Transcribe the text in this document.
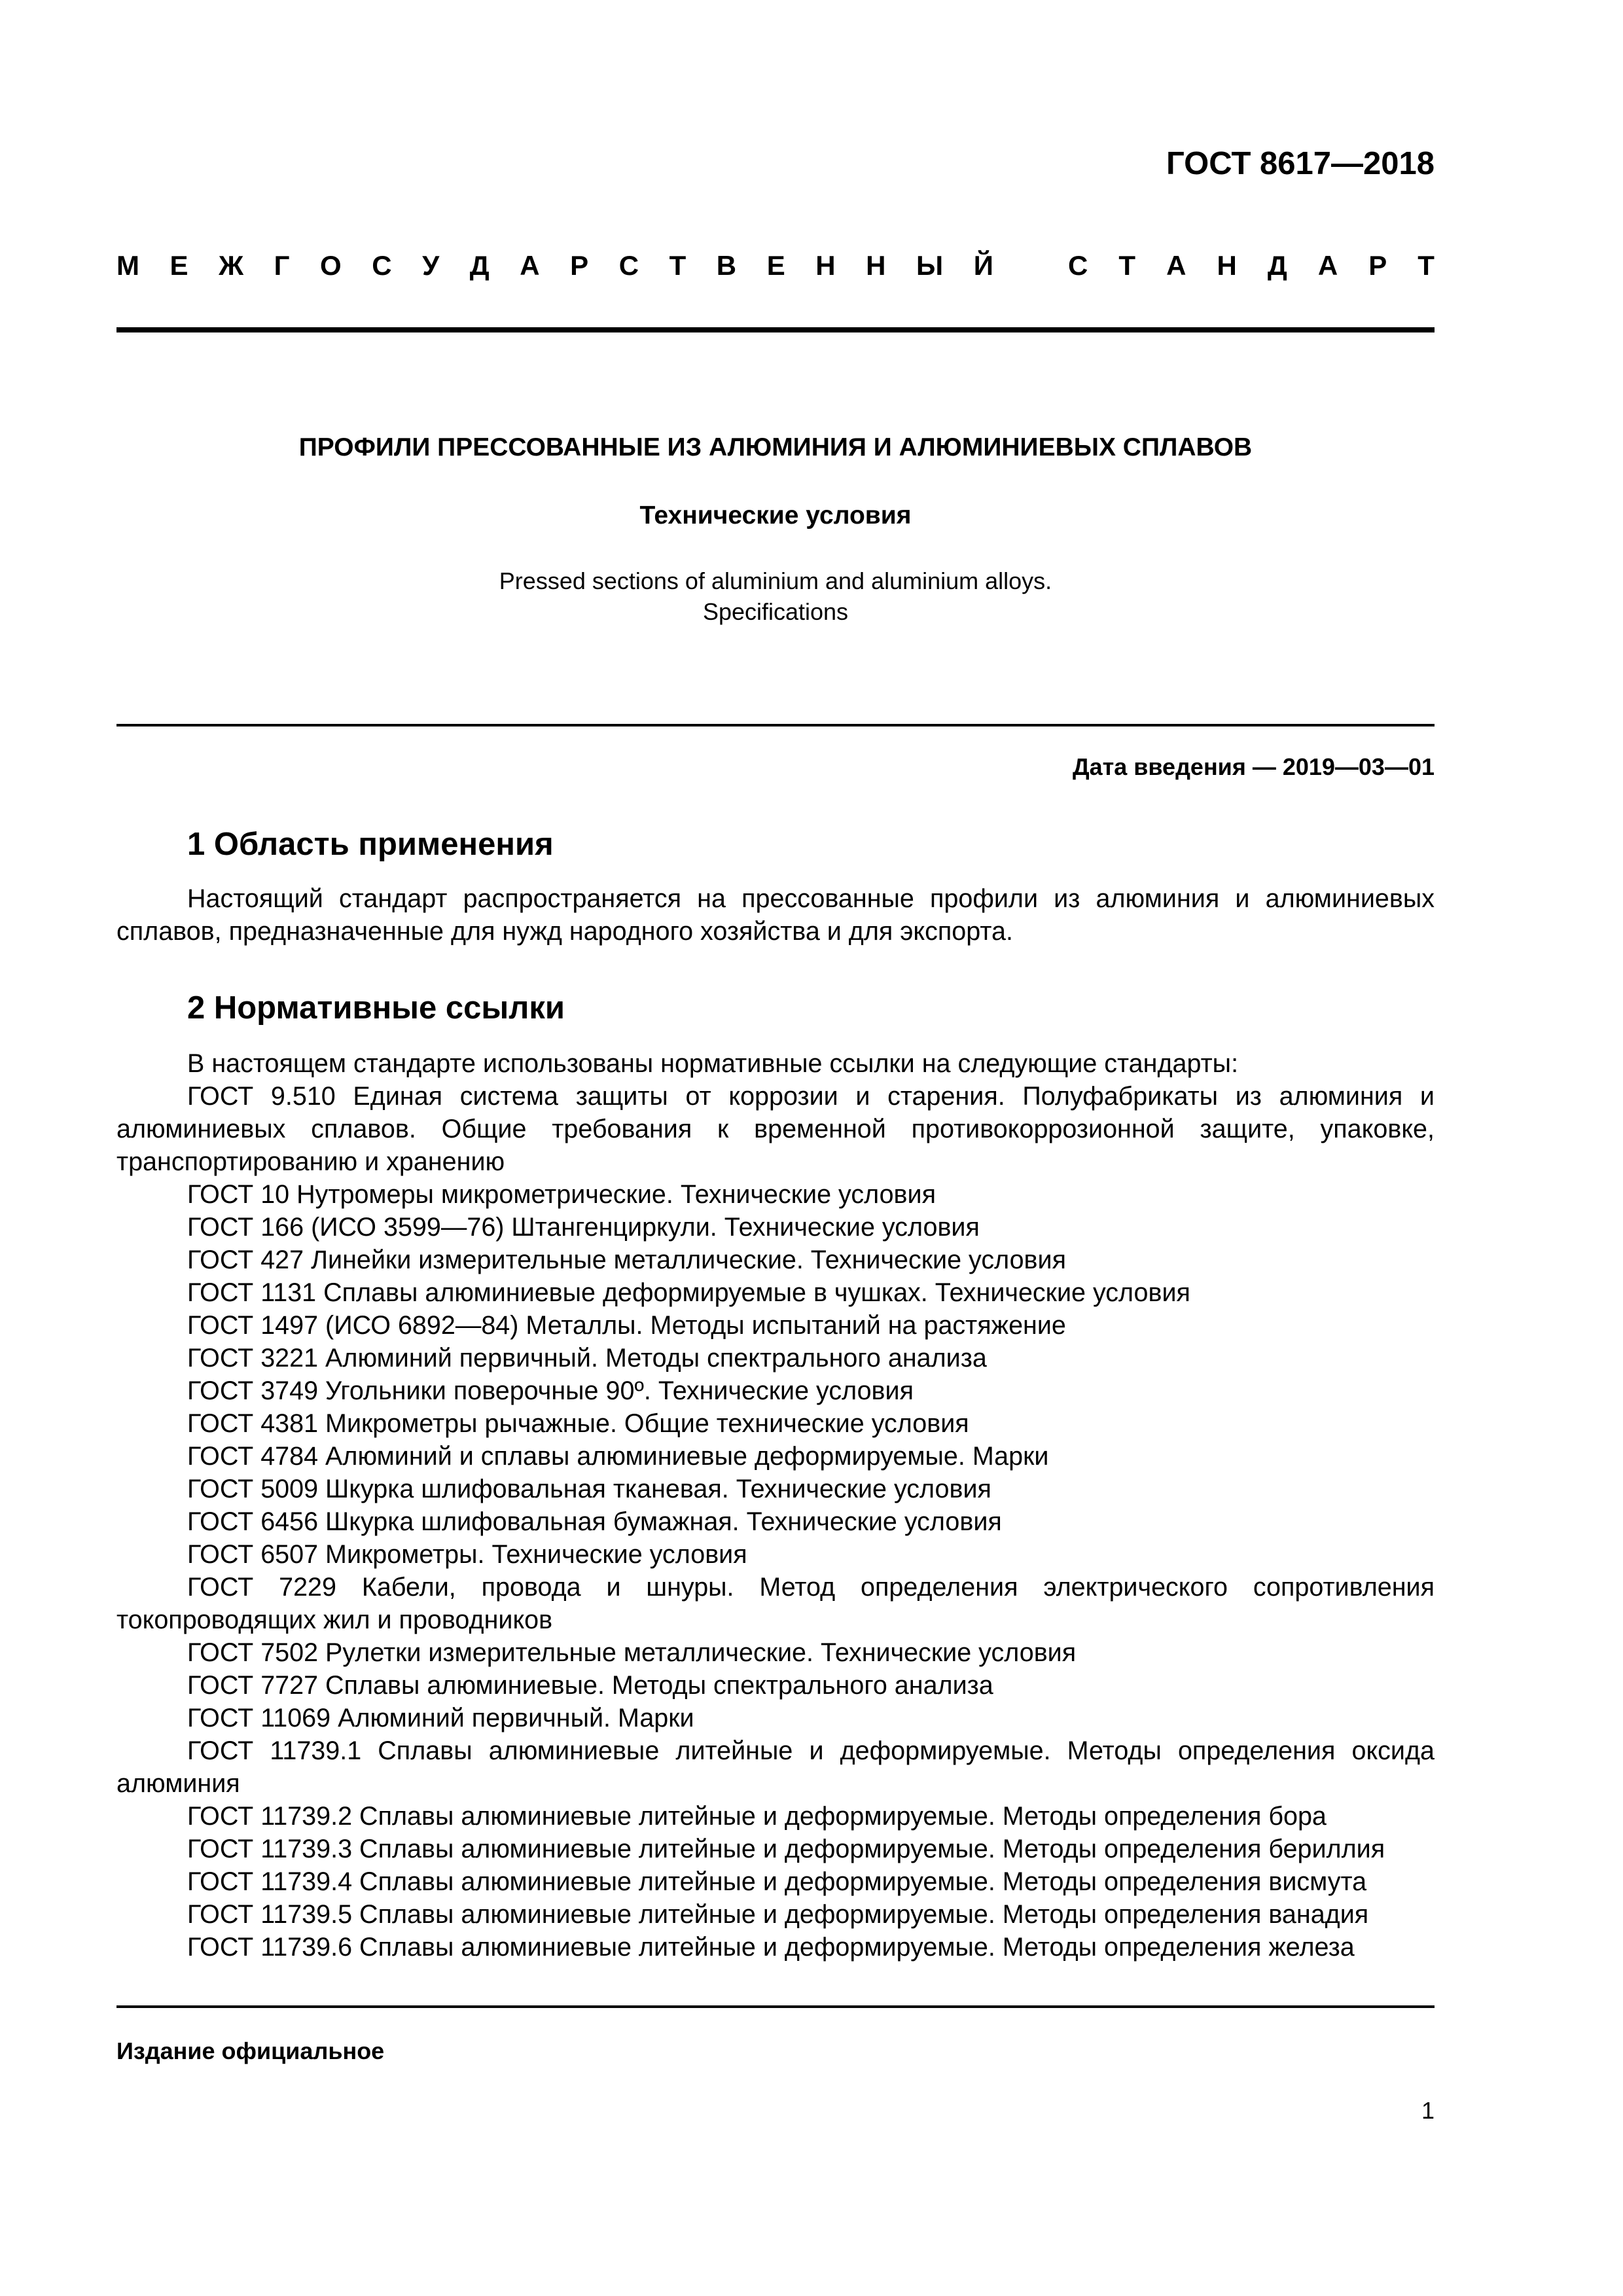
ГОСТ 8617—2018
М Е Ж Г О С У Д А Р С Т В Е Н Н Ы Й	С Т А Н Д А Р Т
ПРОФИЛИ ПРЕССОВАННЫЕ ИЗ АЛЮМИНИЯ И АЛЮМИНИЕВЫХ СПЛАВОВ
Технические условия
Pressed sections of aluminium and aluminium alloys.
Specifications
Дата введения — 2019—03—01
1 Область применения

Настоящий стандарт распространяется на прессованные профили из алюминия и алюминиевых сплавов, предназначенные для нужд народного хозяйства и для экспорта.

2 Нормативные ссылки

В настоящем стандарте использованы нормативные ссылки на следующие стандарты:

ГОСТ 9.510 Единая система защиты от коррозии и старения. Полуфабрикаты из алюминия и алюминиевых сплавов. Общие требования к временной противокоррозионной защите, упаковке, транспортированию и хранению

ГОСТ 10 Нутромеры микрометрические. Технические условия

ГОСТ 166 (ИСО 3599—76) Штангенциркули. Технические условия

ГОСТ 427 Линейки измерительные металлические. Технические условия

ГОСТ 1131 Сплавы алюминиевые деформируемые в чушках. Технические условия

ГОСТ 1497 (ИСО 6892—84) Металлы. Методы испытаний на растяжение

ГОСТ 3221 Алюминий первичный. Методы спектрального анализа

ГОСТ 3749 Угольники поверочные 90º. Технические условия

ГОСТ 4381 Микрометры рычажные. Общие технические условия

ГОСТ 4784 Алюминий и сплавы алюминиевые деформируемые. Марки

ГОСТ 5009 Шкурка шлифовальная тканевая. Технические условия

ГОСТ 6456 Шкурка шлифовальная бумажная. Технические условия

ГОСТ 6507 Микрометры. Технические условия

ГОСТ 7229 Кабели, провода и шнуры. Метод определения электрического сопротивления токопроводящих жил и проводников

ГОСТ 7502 Рулетки измерительные металлические. Технические условия

ГОСТ 7727 Сплавы алюминиевые. Методы спектрального анализа

ГОСТ 11069 Алюминий первичный. Марки

ГОСТ 11739.1 Сплавы алюминиевые литейные и деформируемые. Методы определения оксида алюминия

ГОСТ 11739.2 Сплавы алюминиевые литейные и деформируемые. Методы определения бора

ГОСТ 11739.3 Сплавы алюминиевые литейные и деформируемые. Методы определения бериллия

ГОСТ 11739.4 Сплавы алюминиевые литейные и деформируемые. Методы определения висмута

ГОСТ 11739.5 Сплавы алюминиевые литейные и деформируемые. Методы определения ванадия

ГОСТ 11739.6 Сплавы алюминиевые литейные и деформируемые. Методы определения железа

Издание официальное
1
